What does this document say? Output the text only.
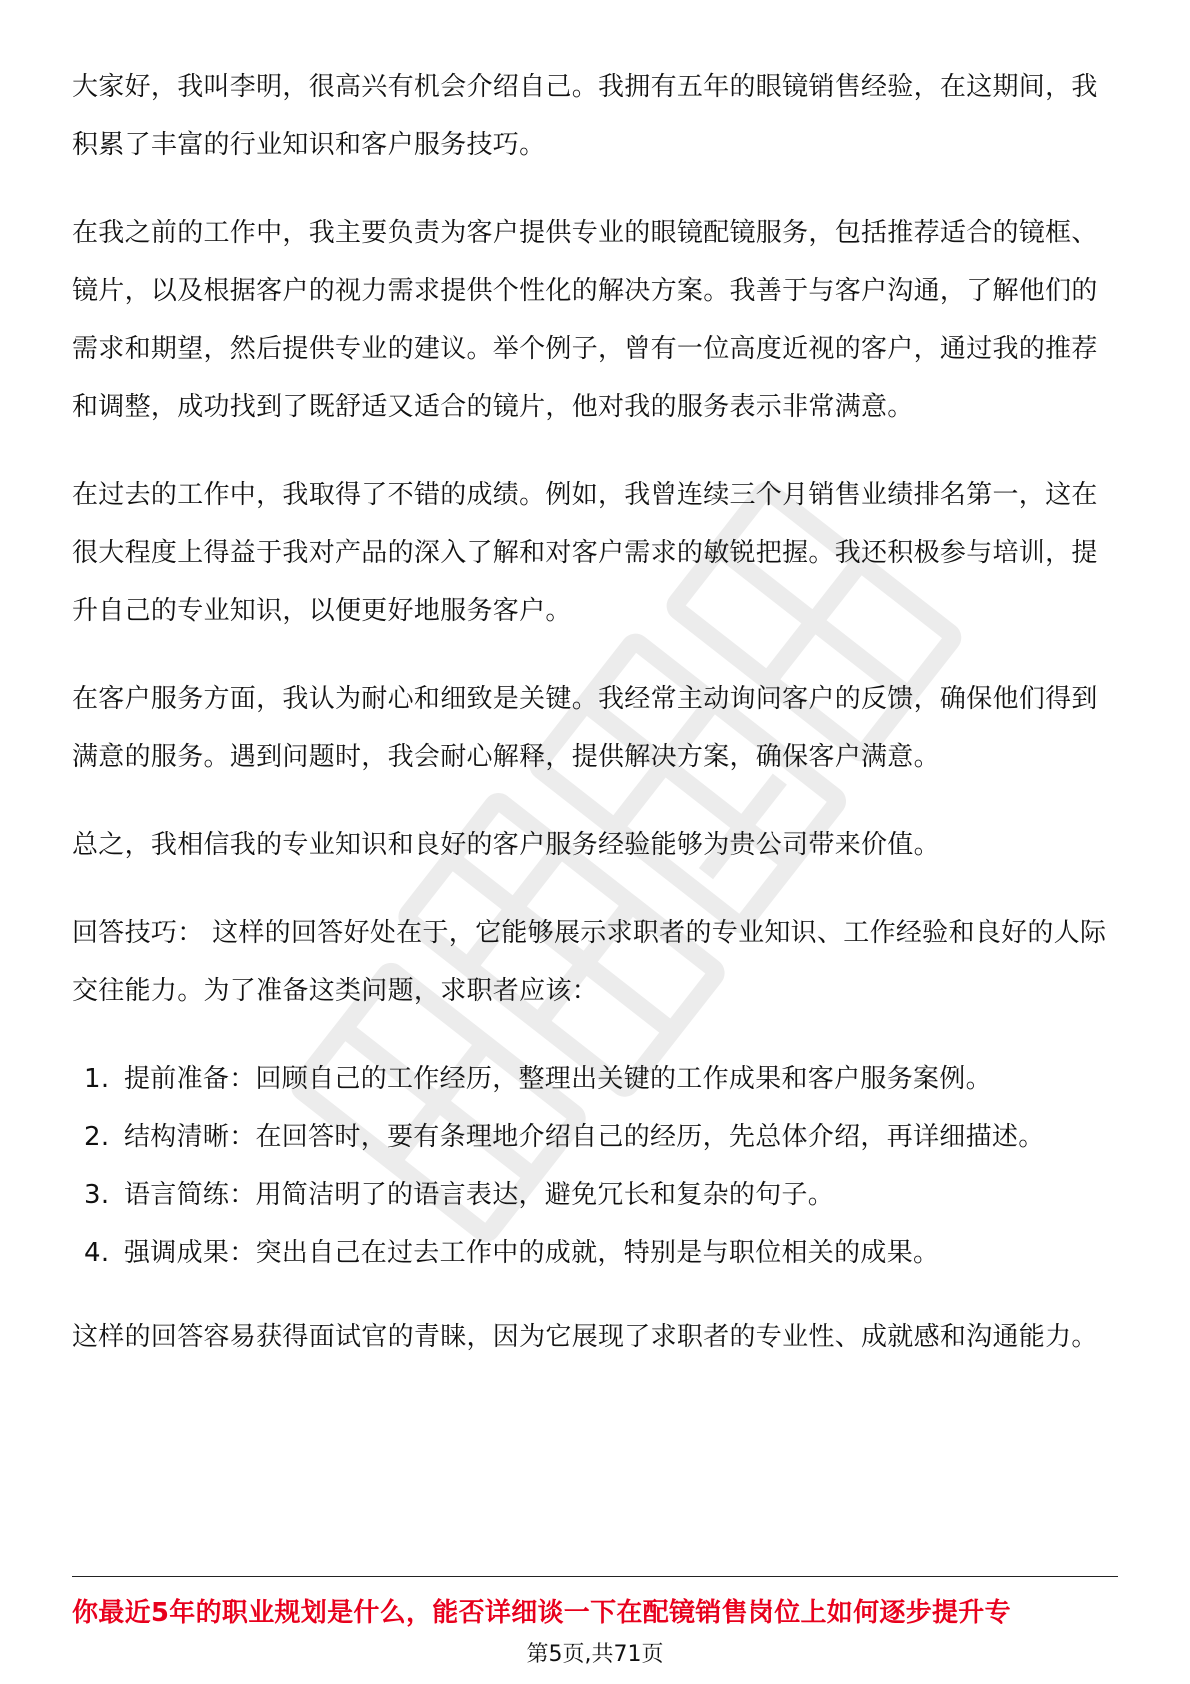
大家好，我叫李明，很高兴有机会介绍自己。我拥有五年的眼镜销售经验，在这期间，我积累了丰富的行业知识和客户服务技巧。

在我之前的工作中，我主要负责为客户提供专业的眼镜配镜服务，包括推荐适合的镜框、镜片，以及根据客户的视力需求提供个性化的解决方案。我善于与客户沟通，了解他们的需求和期望，然后提供专业的建议。举个例子，曾有一位高度近视的客户，通过我的推荐和调整，成功找到了既舒适又适合的镜片，他对我的服务表示非常满意。

在过去的工作中，我取得了不错的成绩。例如，我曾连续三个月销售业绩排名第一，这在很大程度上得益于我对产品的深入了解和对客户需求的敏锐把握。我还积极参与培训，提升自己的专业知识，以便更好地服务客户。

在客户服务方面，我认为耐心和细致是关键。我经常主动询问客户的反馈，确保他们得到满意的服务。遇到问题时，我会耐心解释，提供解决方案，确保客户满意。

总之，我相信我的专业知识和良好的客户服务经验能够为贵公司带来价值。

回答技巧： 这样的回答好处在于，它能够展示求职者的专业知识、工作经验和良好的人际交往能力。为了准备这类问题，求职者应该：

1. 提前准备：回顾自己的工作经历，整理出关键的工作成果和客户服务案例。
2. 结构清晰：在回答时，要有条理地介绍自己的经历，先总体介绍，再详细描述。
3. 语言简练：用简洁明了的语言表达，避免冗长和复杂的句子。
4. 强调成果：突出自己在过去工作中的成就，特别是与职位相关的成果。

这样的回答容易获得面试官的青睐，因为它展现了求职者的专业性、成就感和沟通能力。

你最近5年的职业规划是什么，能否详细谈一下在配镜销售岗位上如何逐步提升专
第5页,共71页
